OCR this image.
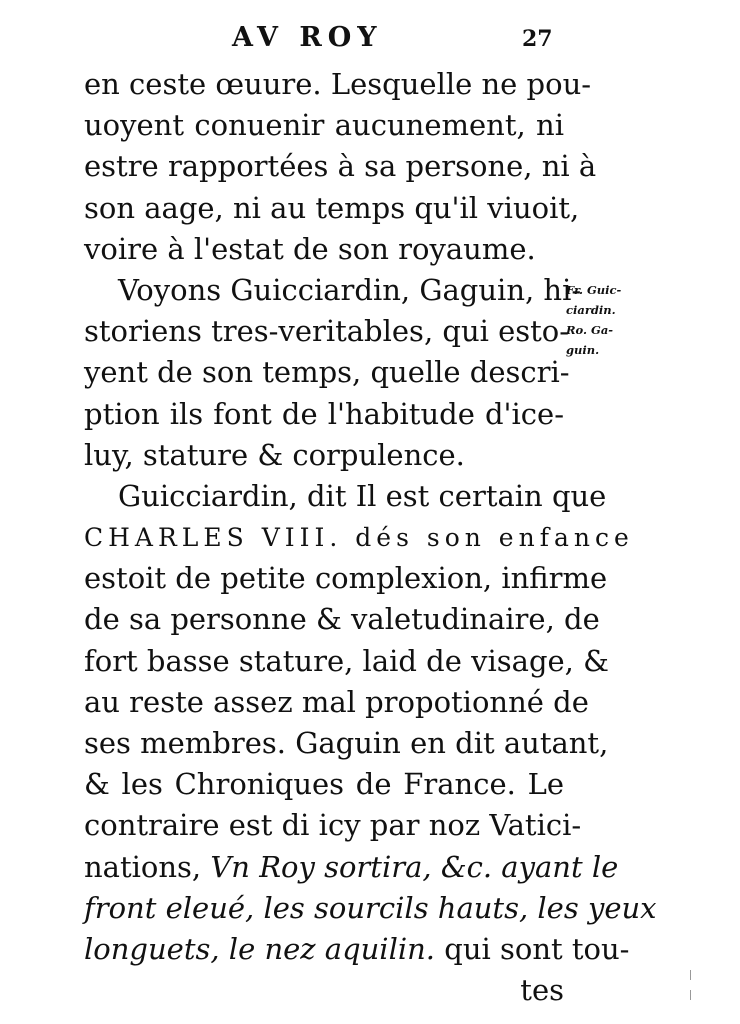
AV ROY	27
en ceste œuure. Lesquelle ne pou-
uoyent conuenir aucunement, ni
estre rapportées à sa persone, ni à
son aage, ni au temps qu'il viuoit,
voire à l'estat de son royaume.
Voyons Guicciardin, Gaguin, hi-
storiens tres-veritables, qui esto-
yent de son temps, quelle descri-
ption ils font de l'habitude d'ice-
luy, stature & corpulence.
Guicciardin, dit Il est certain que
CHARLES VIII. dés son enfance
estoit de petite complexion, infirme
de sa personne & valetudinaire, de
fort basse stature, laid de visage, &
au reste assez mal propotionné de
ses membres. Gaguin en dit autant,
& les Chroniques de France. Le
contraire est di icy par noz Vatici-
nations, Vn Roy sortira, &c. ayant le
front eleué, les sourcils hauts, les yeux
longuets, le nez aquilin. qui sont tou-
tes
Fr. Guic-
ciardin.
Ro. Ga-
guin.
